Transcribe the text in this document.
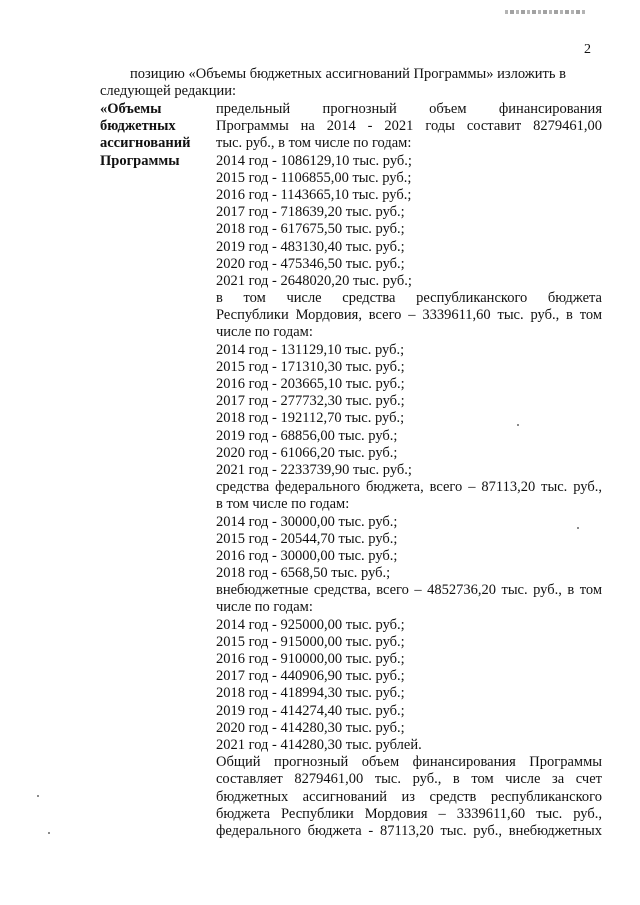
2
позицию «Объемы бюджетных ассигнований Программы» изложить в
следующей редакции:
«Объемы
бюджетных
ассигнований
Программы
предельный прогнозный объем финансирования
Программы на 2014 - 2021 годы составит 8279461,00
тыс. руб., в том числе по годам:
2014 год - 1086129,10 тыс. руб.;
2015 год - 1106855,00 тыс. руб.;
2016 год - 1143665,10 тыс. руб.;
2017 год - 718639,20 тыс. руб.;
2018 год - 617675,50 тыс. руб.;
2019 год - 483130,40 тыс. руб.;
2020 год - 475346,50 тыс. руб.;
2021 год - 2648020,20 тыс. руб.;
в том числе средства республиканского бюджета
Республики Мордовия, всего – 3339611,60 тыс. руб., в том
числе по годам:
2014 год - 131129,10 тыс. руб.;
2015 год - 171310,30 тыс. руб.;
2016 год - 203665,10 тыс. руб.;
2017 год - 277732,30 тыс. руб.;
2018 год - 192112,70 тыс. руб.;
2019 год - 68856,00 тыс. руб.;
2020 год - 61066,20 тыс. руб.;
2021 год - 2233739,90 тыс. руб.;
средства федерального бюджета, всего – 87113,20 тыс. руб.,
в том числе по годам:
2014 год - 30000,00 тыс. руб.;
2015 год - 20544,70 тыс. руб.;
2016 год - 30000,00 тыс. руб.;
2018 год - 6568,50 тыс. руб.;
внебюджетные средства, всего – 4852736,20 тыс. руб., в том
числе по годам:
2014 год - 925000,00 тыс. руб.;
2015 год - 915000,00 тыс. руб.;
2016 год - 910000,00 тыс. руб.;
2017 год - 440906,90 тыс. руб.;
2018 год - 418994,30 тыс. руб.;
2019 год - 414274,40 тыс. руб.;
2020 год - 414280,30 тыс. руб.;
2021 год - 414280,30 тыс. рублей.
Общий прогнозный объем финансирования Программы
составляет 8279461,00 тыс. руб., в том числе за счет
бюджетных ассигнований из средств республиканского
бюджета Республики Мордовия – 3339611,60 тыс. руб.,
федерального бюджета - 87113,20 тыс. руб., внебюджетных
